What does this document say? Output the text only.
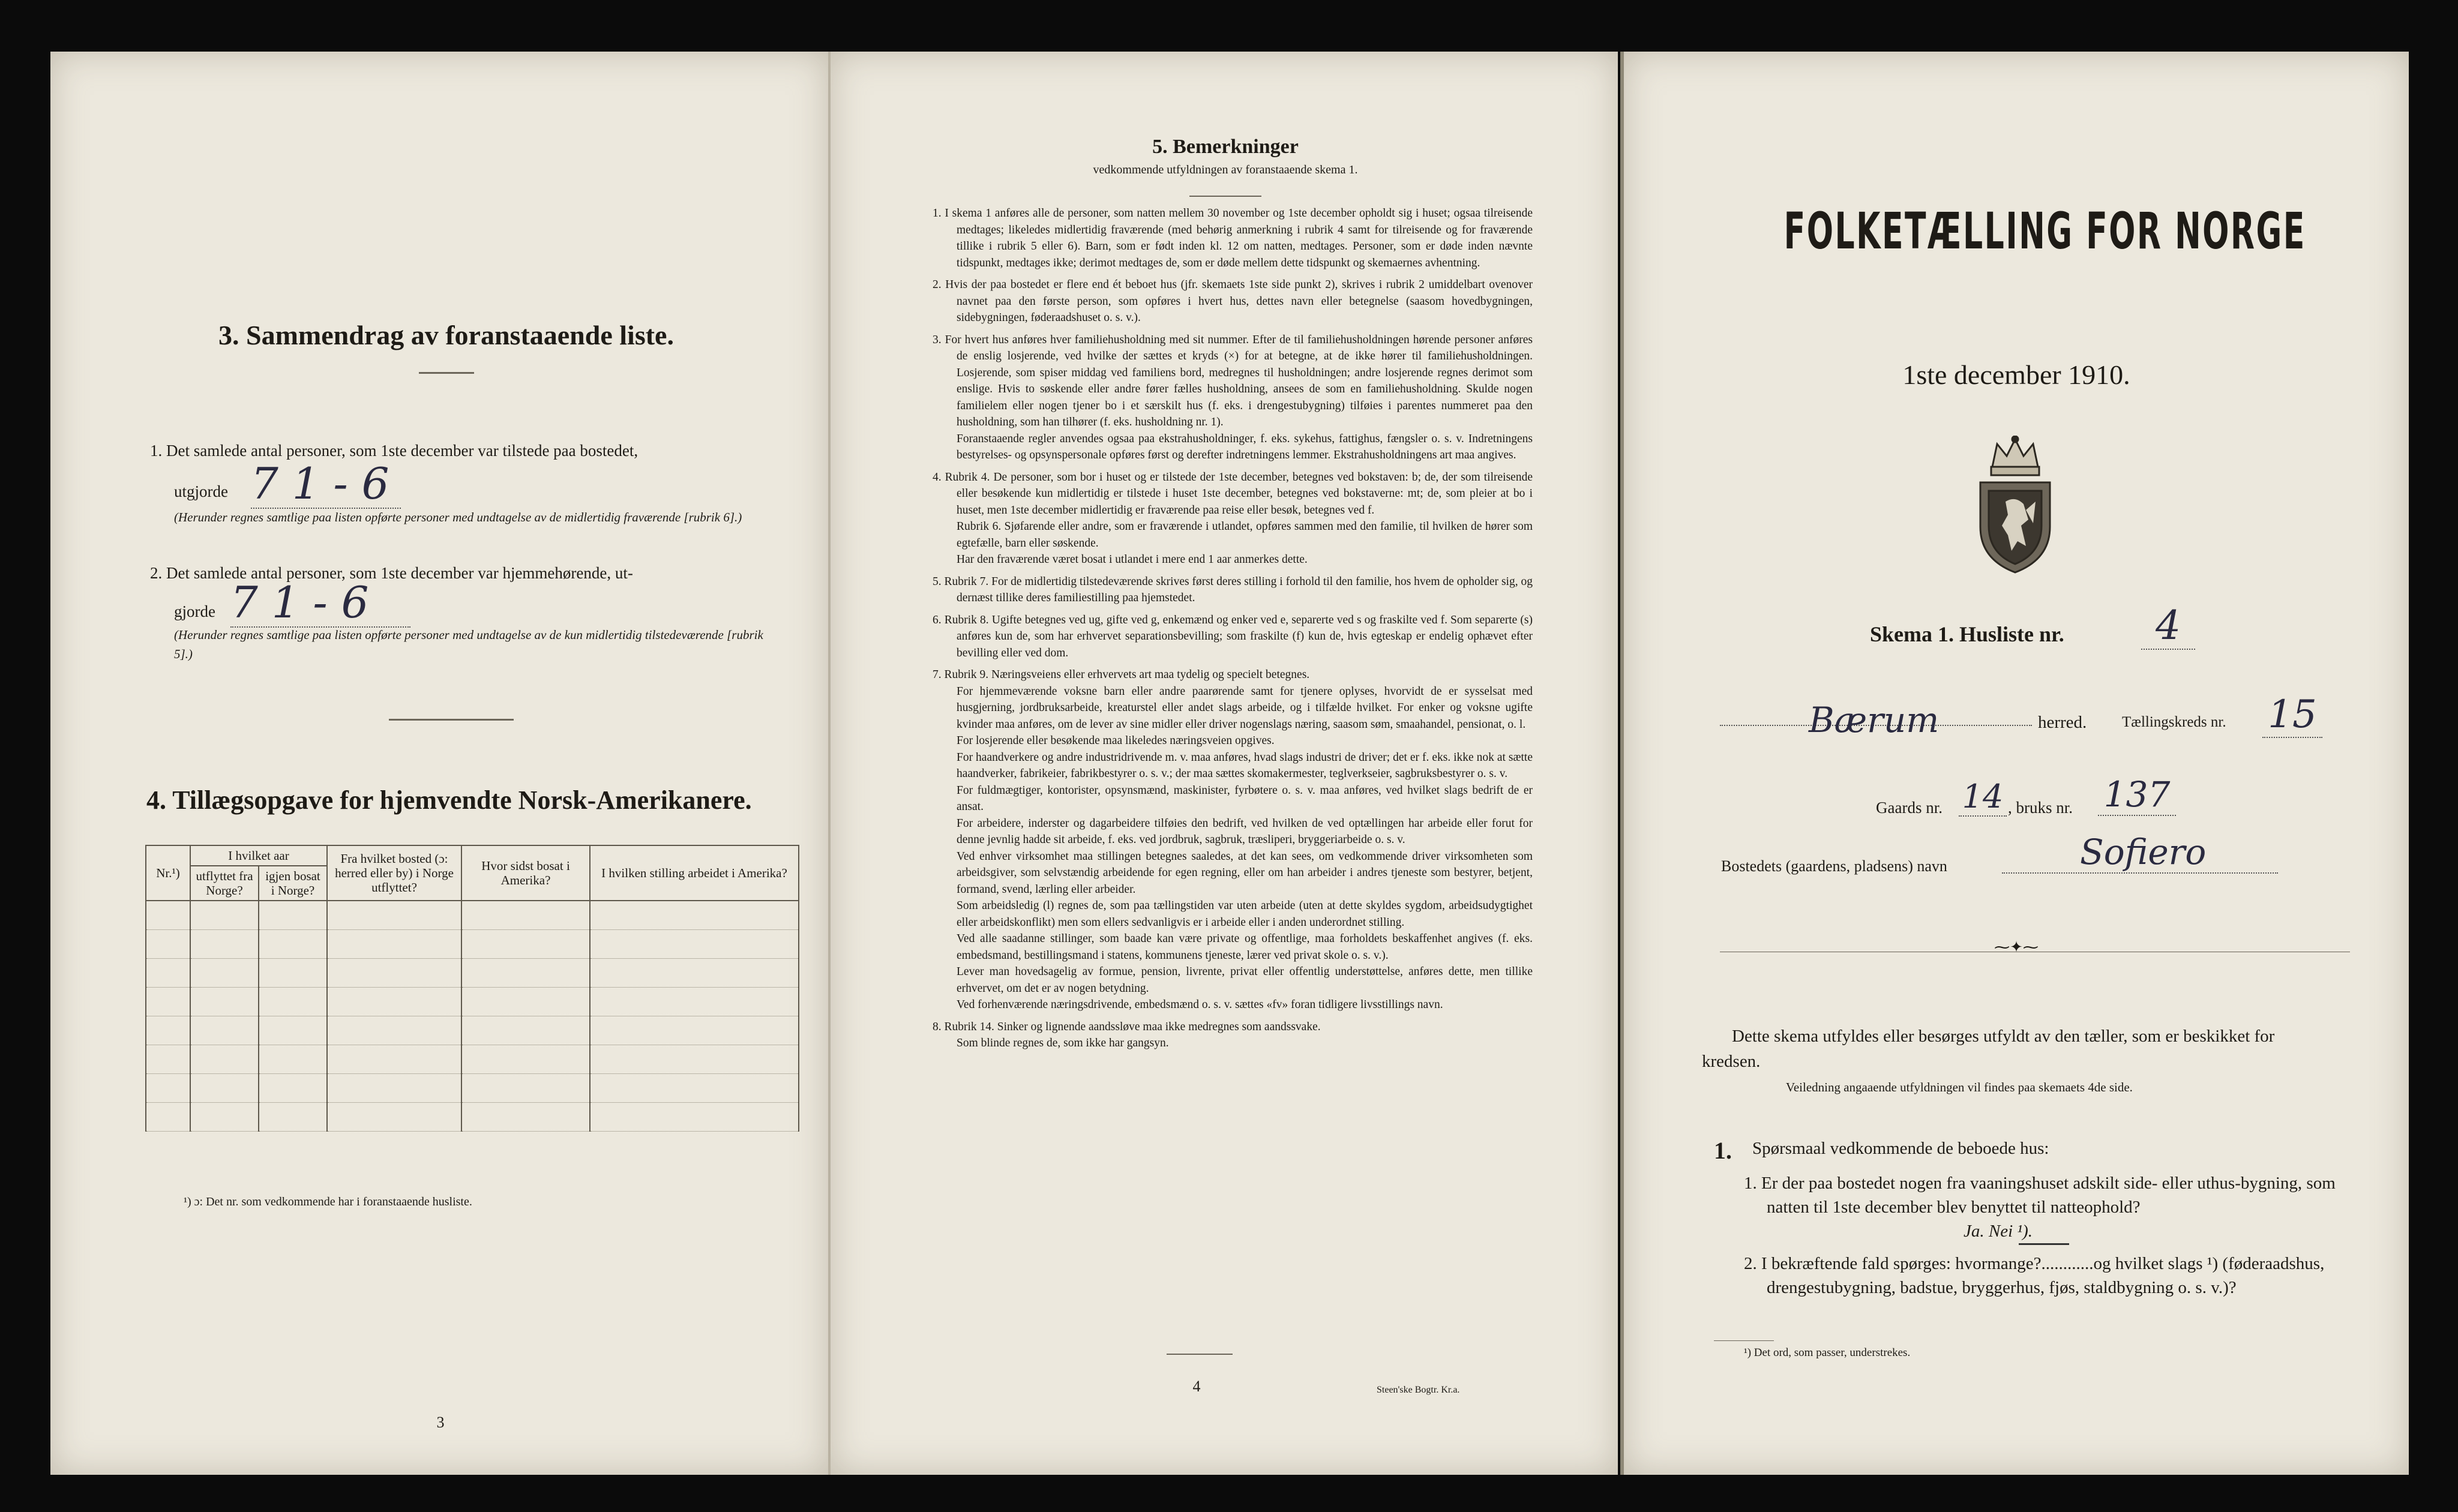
3. Sammendrag av foranstaaende liste.
1. Det samlede antal personer, som 1ste december var tilstede paa bostedet,
utgjorde 7 1 - 6
(Herunder regnes samtlige paa listen opførte personer med undtagelse av de midlertidig fraværende [rubrik 6].)
2. Det samlede antal personer, som 1ste december var hjemmehørende, ut-
gjorde 7 1 - 6
(Herunder regnes samtlige paa listen opførte personer med undtagelse av de kun midlertidig tilstedeværende [rubrik 5].)
4. Tillægsopgave for hjemvendte Norsk-Amerikanere.
Nr.¹)	I hvilket aar		Fra hvilket bosted (ɔ: herred eller by) i Norge utflyttet?	Hvor sidst bosat i Amerika?	I hvilken stilling arbeidet i Amerika?
	utflyttet fra Norge?	igjen bosat i Norge?			

¹) ɔ: Det nr. som vedkommende har i foranstaaende husliste.
3
5. Bemerkninger
vedkommende utfyldningen av foranstaaende skema 1.

1. I skema 1 anføres alle de personer, som natten mellem 30 november og 1ste december opholdt sig i huset; ogsaa tilreisende medtages; likeledes midlertidig fraværende (med behørig anmerkning i rubrik 4 samt for tilreisende og for fraværende tillike i rubrik 5 eller 6). Barn, som er født inden kl. 12 om natten, medtages. Personer, som er døde inden nævnte tidspunkt, medtages ikke; derimot medtages de, som er døde mellem dette tidspunkt og skemaernes avhentning.

2. Hvis der paa bostedet er flere end ét beboet hus (jfr. skemaets 1ste side punkt 2), skrives i rubrik 2 umiddelbart ovenover navnet paa den første person, som opføres i hvert hus, dettes navn eller betegnelse (saasom hovedbygningen, sidebygningen, føderaadshuset o. s. v.).

3. For hvert hus anføres hver familiehusholdning med sit nummer. Efter de til familiehusholdningen hørende personer anføres de enslig losjerende, ved hvilke der sættes et kryds (×) for at betegne, at de ikke hører til familiehusholdningen. Losjerende, som spiser middag ved familiens bord, medregnes til husholdningen; andre losjerende regnes derimot som enslige. Hvis to søskende eller andre fører fælles husholdning, ansees de som en familiehusholdning. Skulde nogen familielem eller nogen tjener bo i et særskilt hus (f. eks. i drengestubygning) tilføies i parentes nummeret paa den husholdning, som han tilhører (f. eks. husholdning nr. 1).

Foranstaaende regler anvendes ogsaa paa ekstrahusholdninger, f. eks. sykehus, fattighus, fængsler o. s. v. Indretningens bestyrelses- og opsynspersonale opføres først og derefter indretningens lemmer. Ekstrahusholdningens art maa angives.

4. Rubrik 4. De personer, som bor i huset og er tilstede der 1ste december, betegnes ved bokstaven: b; de, der som tilreisende eller besøkende kun midlertidig er tilstede i huset 1ste december, betegnes ved bokstaverne: mt; de, som pleier at bo i huset, men 1ste december midlertidig er fraværende paa reise eller besøk, betegnes ved f.

Rubrik 6. Sjøfarende eller andre, som er fraværende i utlandet, opføres sammen med den familie, til hvilken de hører som egtefælle, barn eller søskende.

Har den fraværende været bosat i utlandet i mere end 1 aar anmerkes dette.

5. Rubrik 7. For de midlertidig tilstedeværende skrives først deres stilling i forhold til den familie, hos hvem de opholder sig, og dernæst tillike deres familiestilling paa hjemstedet.

6. Rubrik 8. Ugifte betegnes ved ug, gifte ved g, enkemænd og enker ved e, separerte ved s og fraskilte ved f. Som separerte (s) anføres kun de, som har erhvervet separationsbevilling; som fraskilte (f) kun de, hvis egteskap er endelig ophævet efter bevilling eller ved dom.

7. Rubrik 9. Næringsveiens eller erhvervets art maa tydelig og specielt betegnes.

For hjemmeværende voksne barn eller andre paarørende samt for tjenere oplyses, hvorvidt de er sysselsat med husgjerning, jordbruksarbeide, kreaturstel eller andet slags arbeide, og i tilfælde hvilket. For enker og voksne ugifte kvinder maa anføres, om de lever av sine midler eller driver nogenslags næring, saasom søm, smaahandel, pensionat, o. l.

For losjerende eller besøkende maa likeledes næringsveien opgives.

For haandverkere og andre industridrivende m. v. maa anføres, hvad slags industri de driver; det er f. eks. ikke nok at sætte haandverker, fabrikeier, fabrikbestyrer o. s. v.; der maa sættes skomakermester, teglverkseier, sagbruksbestyrer o. s. v.

For fuldmægtiger, kontorister, opsynsmænd, maskinister, fyrbøtere o. s. v. maa anføres, ved hvilket slags bedrift de er ansat.

For arbeidere, inderster og dagarbeidere tilføies den bedrift, ved hvilken de ved optællingen har arbeide eller forut for denne jevnlig hadde sit arbeide, f. eks. ved jordbruk, sagbruk, træsliperi, bryggeriarbeide o. s. v.

Ved enhver virksomhet maa stillingen betegnes saaledes, at det kan sees, om vedkommende driver virksomheten som arbeidsgiver, som selvstændig arbeidende for egen regning, eller om han arbeider i andres tjeneste som bestyrer, betjent, formand, svend, lærling eller arbeider.

Som arbeidsledig (l) regnes de, som paa tællingstiden var uten arbeide (uten at dette skyldes sygdom, arbeidsudygtighet eller arbeidskonflikt) men som ellers sedvanligvis er i arbeide eller i anden underordnet stilling.

Ved alle saadanne stillinger, som baade kan være private og offentlige, maa forholdets beskaffenhet angives (f. eks. embedsmand, bestillingsmand i statens, kommunens tjeneste, lærer ved privat skole o. s. v.).

Lever man hovedsagelig av formue, pension, livrente, privat eller offentlig understøttelse, anføres dette, men tillike erhvervet, om det er av nogen betydning.

Ved forhenværende næringsdrivende, embedsmænd o. s. v. sættes «fv» foran tidligere livsstillings navn.

8. Rubrik 14. Sinker og lignende aandssløve maa ikke medregnes som aandssvake.

Som blinde regnes de, som ikke har gangsyn.

4	Steen'ske Bogtr. Kr.a.
FOLKETÆLLING FOR NORGE
1ste december 1910.
Skema 1. Husliste nr.	4
Bærum	herred. Tællingskreds nr. 15
Gaards nr. 14 , bruks nr. 137
Bostedets (gaardens, pladsens) navn	Sofiero
⁓✦⁓
Dette skema utfyldes eller besørges utfyldt av den tæller, som er beskikket for kredsen.
Veiledning angaaende utfyldningen vil findes paa skemaets 4de side.
1. Spørsmaal vedkommende de beboede hus:
1. Er der paa bostedet nogen fra vaaningshuset adskilt side- eller uthus-bygning, som natten til 1ste december blev benyttet til natteophold?
Ja. Nei ¹).
2. I bekræftende fald spørges: hvormange?............og hvilket slags ¹) (føderaadshus, drengestubygning, badstue, bryggerhus, fjøs, staldbygning o. s. v.)?
¹) Det ord, som passer, understrekes.
